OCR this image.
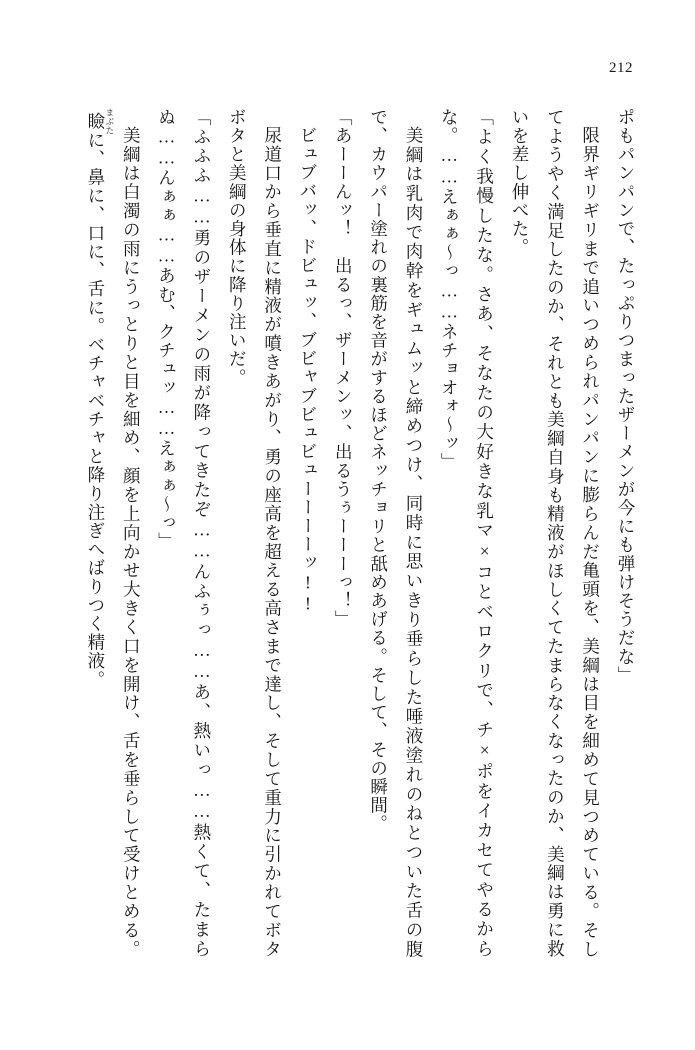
212

ポもパンパンで、たっぷりつまったザーメンが今にも弾けそうだな」

限界ギリギリまで追いつめられパンパンに膨らんだ亀頭を、美綱は目を細めて見つめている。そしてようやく満足したのか、それとも美綱自身も精液がほしくてたまらなくなったのか、美綱は勇に救いを差し伸べた。

「よく我慢したな。さあ、そなたの大好きな乳マ×コとベロクリで、チ×ポをイカセてやるからな。……えぁぁ～っ……ネチョオォ～ッ」

美綱は乳肉で肉幹をギュムッと締めつけ、同時に思いきり垂らした唾液塗れのねとついた舌の腹で、カウパー塗れの裏筋を音がするほどネッチョリと舐めあげる。そして、その瞬間。

「あーーんッ！　出るっ、ザーメンッ、出るうぅーーーっ！」

ビュブバッ、ドビュッ、ブビャブビュビューーーーッ!!

尿道口から垂直に精液が噴きあがり、勇の座高を超える高さまで達し、そして重力に引かれてボタボタと美綱の身体に降り注いだ。

「ふふふ……勇のザーメンの雨が降ってきたぞ……んふぅっ……あ、熱いっ……熱くて、たまらぬ……んぁぁ……あむ、クチュッ……えぁぁ～っ」

美綱は白濁の雨にうっとりと目を細め、顔を上向かせ大きく口を開け、舌を垂らして受けとめる。瞼 まぶたに、鼻に、口に、舌に。ベチャベチャと降り注ぎへばりつく精液。
